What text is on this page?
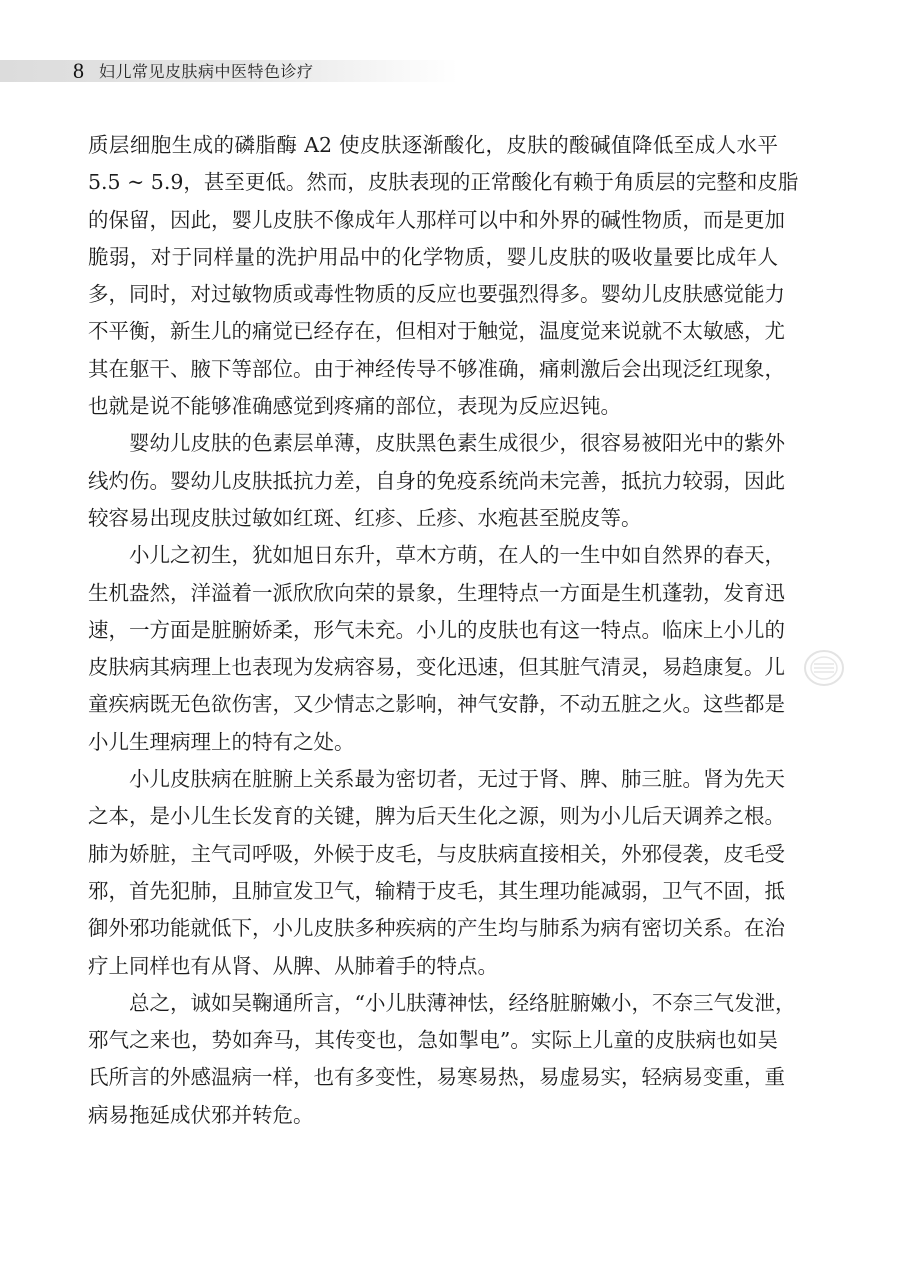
8 妇儿常见皮肤病中医特色诊疗
质层细胞生成的磷脂酶 A2 使皮肤逐渐酸化，皮肤的酸碱值降低至成人水平
5.5 ~ 5.9，甚至更低。然而，皮肤表现的正常酸化有赖于角质层的完整和皮脂
的保留，因此，婴儿皮肤不像成年人那样可以中和外界的碱性物质，而是更加
脆弱，对于同样量的洗护用品中的化学物质，婴儿皮肤的吸收量要比成年人
多，同时，对过敏物质或毒性物质的反应也要强烈得多。婴幼儿皮肤感觉能力
不平衡，新生儿的痛觉已经存在，但相对于触觉，温度觉来说就不太敏感，尤
其在躯干、腋下等部位。由于神经传导不够准确，痛刺激后会出现泛红现象，
也就是说不能够准确感觉到疼痛的部位，表现为反应迟钝。
婴幼儿皮肤的色素层单薄，皮肤黑色素生成很少，很容易被阳光中的紫外
线灼伤。婴幼儿皮肤抵抗力差，自身的免疫系统尚未完善，抵抗力较弱，因此
较容易出现皮肤过敏如红斑、红疹、丘疹、水疱甚至脱皮等。
小儿之初生，犹如旭日东升，草木方萌，在人的一生中如自然界的春天，
生机盎然，洋溢着一派欣欣向荣的景象，生理特点一方面是生机蓬勃，发育迅
速，一方面是脏腑娇柔，形气未充。小儿的皮肤也有这一特点。临床上小儿的
皮肤病其病理上也表现为发病容易，变化迅速，但其脏气清灵，易趋康复。儿
童疾病既无色欲伤害，又少情志之影响，神气安静，不动五脏之火。这些都是
小儿生理病理上的特有之处。
小儿皮肤病在脏腑上关系最为密切者，无过于肾、脾、肺三脏。肾为先天
之本，是小儿生长发育的关键，脾为后天生化之源，则为小儿后天调养之根。
肺为娇脏，主气司呼吸，外候于皮毛，与皮肤病直接相关，外邪侵袭，皮毛受
邪，首先犯肺，且肺宣发卫气，输精于皮毛，其生理功能减弱，卫气不固，抵
御外邪功能就低下，小儿皮肤多种疾病的产生均与肺系为病有密切关系。在治
疗上同样也有从肾、从脾、从肺着手的特点。
总之，诚如吴鞠通所言，“小儿肤薄神怯，经络脏腑嫩小，不奈三气发泄，
邪气之来也，势如奔马，其传变也，急如掣电”。实际上儿童的皮肤病也如吴
氏所言的外感温病一样，也有多变性，易寒易热，易虚易实，轻病易变重，重
病易拖延成伏邪并转危。
